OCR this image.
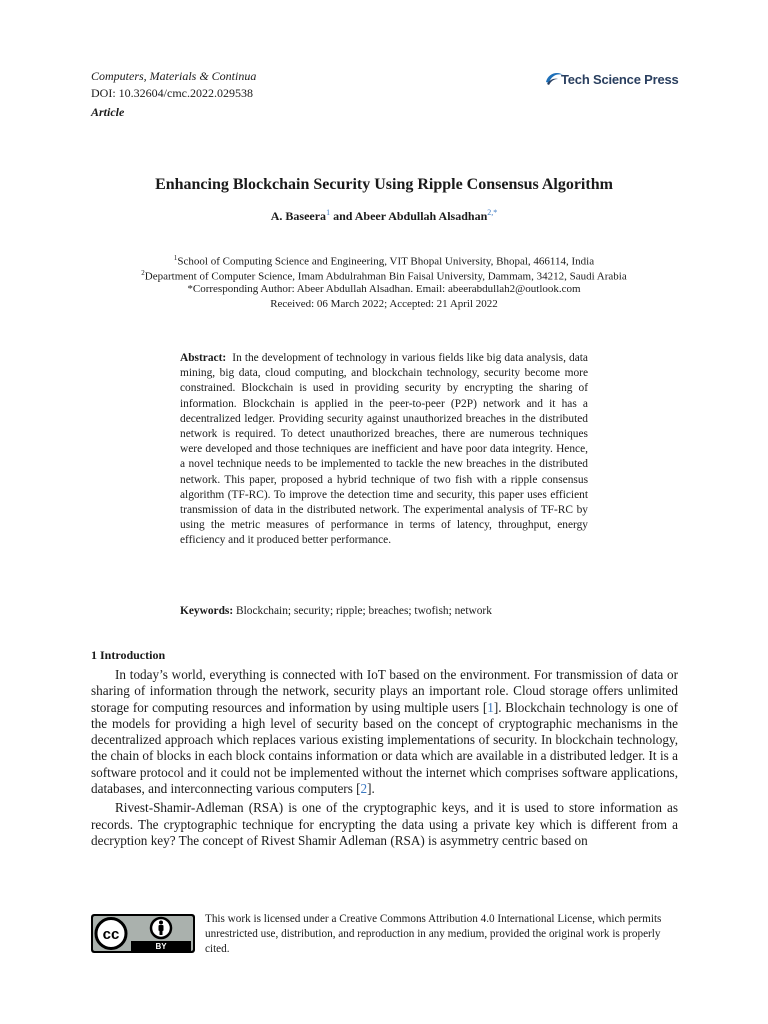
Computers, Materials & Continua
DOI: 10.32604/cmc.2022.029538
Article
Tech Science Press
Enhancing Blockchain Security Using Ripple Consensus Algorithm
A. Baseera$^1$ and Abeer Abdullah Alsadhan$^{2,*}$
$^1$School of Computing Science and Engineering, VIT Bhopal University, Bhopal, 466114, India
$^2$Department of Computer Science, Imam Abdulrahman Bin Faisal University, Dammam, 34212, Saudi Arabia
*Corresponding Author: Abeer Abdullah Alsadhan. Email: abeerabdullah2@outlook.com
Received: 06 March 2022; Accepted: 21 April 2022
Abstract: In the development of technology in various fields like big data analysis, data mining, big data, cloud computing, and blockchain technology, security become more constrained. Blockchain is used in providing security by encrypting the sharing of information. Blockchain is applied in the peer-to-peer (P2P) network and it has a decentralized ledger. Providing security against unauthorized breaches in the distributed network is required. To detect unauthorized breaches, there are numerous techniques were developed and those techniques are inefficient and have poor data integrity. Hence, a novel technique needs to be implemented to tackle the new breaches in the distributed network. This paper, proposed a hybrid technique of two fish with a ripple consensus algorithm (TF-RC). To improve the detection time and security, this paper uses efficient transmission of data in the distributed network. The experimental analysis of TF-RC by using the metric measures of performance in terms of latency, throughput, energy efficiency and it produced better performance.
Keywords: Blockchain; security; ripple; breaches; twofish; network
1 Introduction

In today’s world, everything is connected with IoT based on the environment. For transmission of data or sharing of information through the network, security plays an important role. Cloud storage offers unlimited storage for computing resources and information by using multiple users [1]. Blockchain technology is one of the models for providing a high level of security based on the concept of cryptographic mechanisms in the decentralized approach which replaces various existing implementations of security. In blockchain technology, the chain of blocks in each block contains information or data which are available in a distributed ledger. It is a software protocol and it could not be implemented without the internet which comprises software applications, databases, and interconnecting various computers [2].

Rivest-Shamir-Adleman (RSA) is one of the cryptographic keys, and it is used to store information as records. The cryptographic technique for encrypting the data using a private key which is different from a decryption key? The concept of Rivest Shamir Adleman (RSA) is asymmetry centric based on

cc
BY
This work is licensed under a Creative Commons Attribution 4.0 International License, which permits unrestricted use, distribution, and reproduction in any medium, provided the original work is properly cited.
